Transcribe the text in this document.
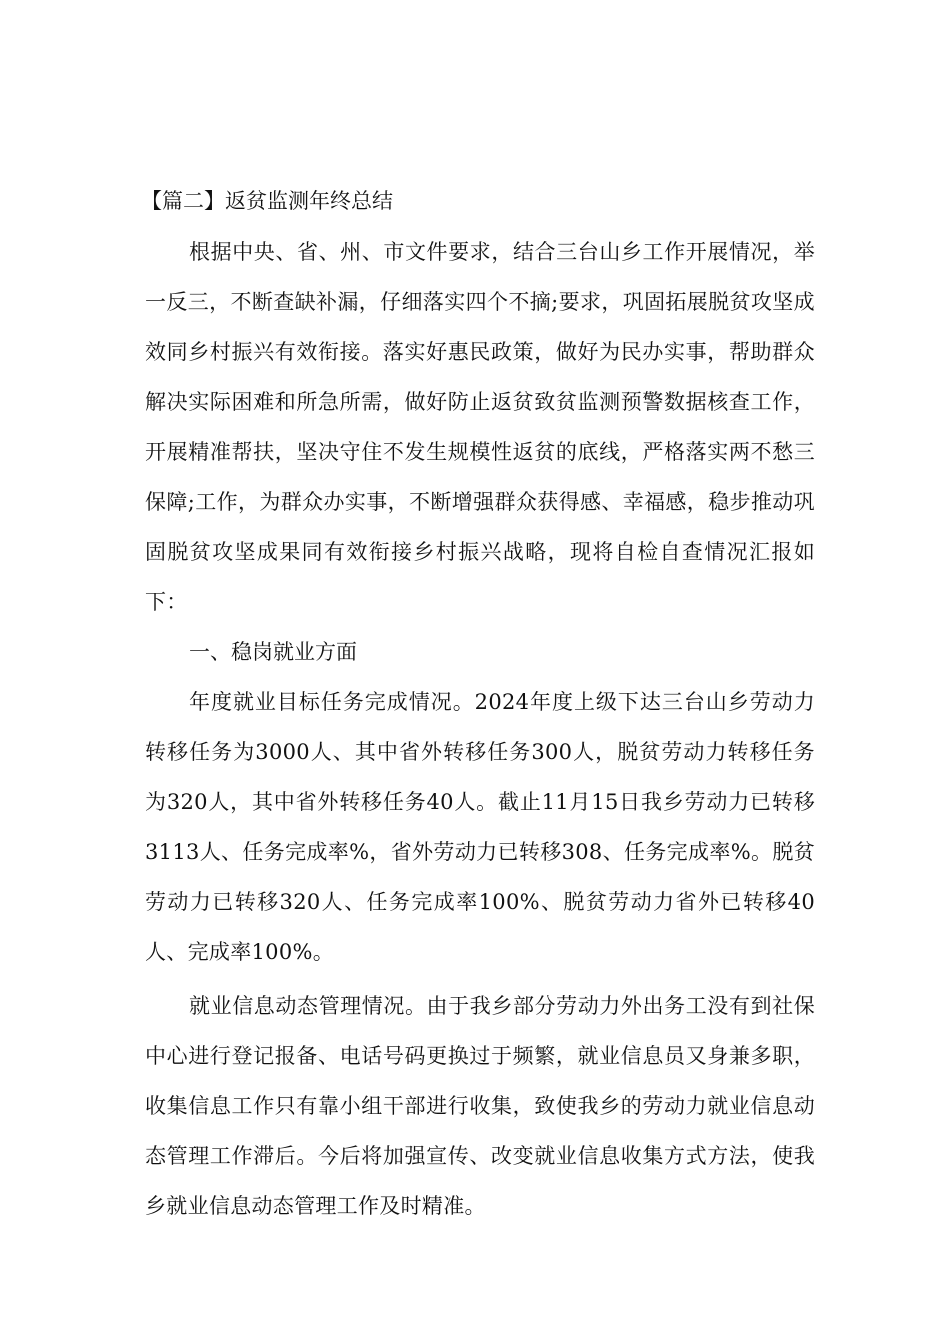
【篇二】返贫监测年终总结

根据中央、省、州、市文件要求，结合三台山乡工作开展情况，举一反三，不断查缺补漏，仔细落实四个不摘;要求，巩固拓展脱贫攻坚成效同乡村振兴有效衔接。落实好惠民政策，做好为民办实事，帮助群众解决实际困难和所急所需，做好防止返贫致贫监测预警数据核查工作，开展精准帮扶，坚决守住不发生规模性返贫的底线，严格落实两不愁三保障;工作，为群众办实事，不断增强群众获得感、幸福感，稳步推动巩固脱贫攻坚成果同有效衔接乡村振兴战略，现将自检自查情况汇报如下：

一、稳岗就业方面

年度就业目标任务完成情况。2024年度上级下达三台山乡劳动力转移任务为3000人、其中省外转移任务300人，脱贫劳动力转移任务为320人，其中省外转移任务40人。截止11月15日我乡劳动力已转移3113人、任务完成率%，省外劳动力已转移308、任务完成率%。脱贫劳动力已转移320人、任务完成率100%、脱贫劳动力省外已转移40人、完成率100%。

就业信息动态管理情况。由于我乡部分劳动力外出务工没有到社保中心进行登记报备、电话号码更换过于频繁，就业信息员又身兼多职，收集信息工作只有靠小组干部进行收集，致使我乡的劳动力就业信息动态管理工作滞后。今后将加强宣传、改变就业信息收集方式方法，使我乡就业信息动态管理工作及时精准。
